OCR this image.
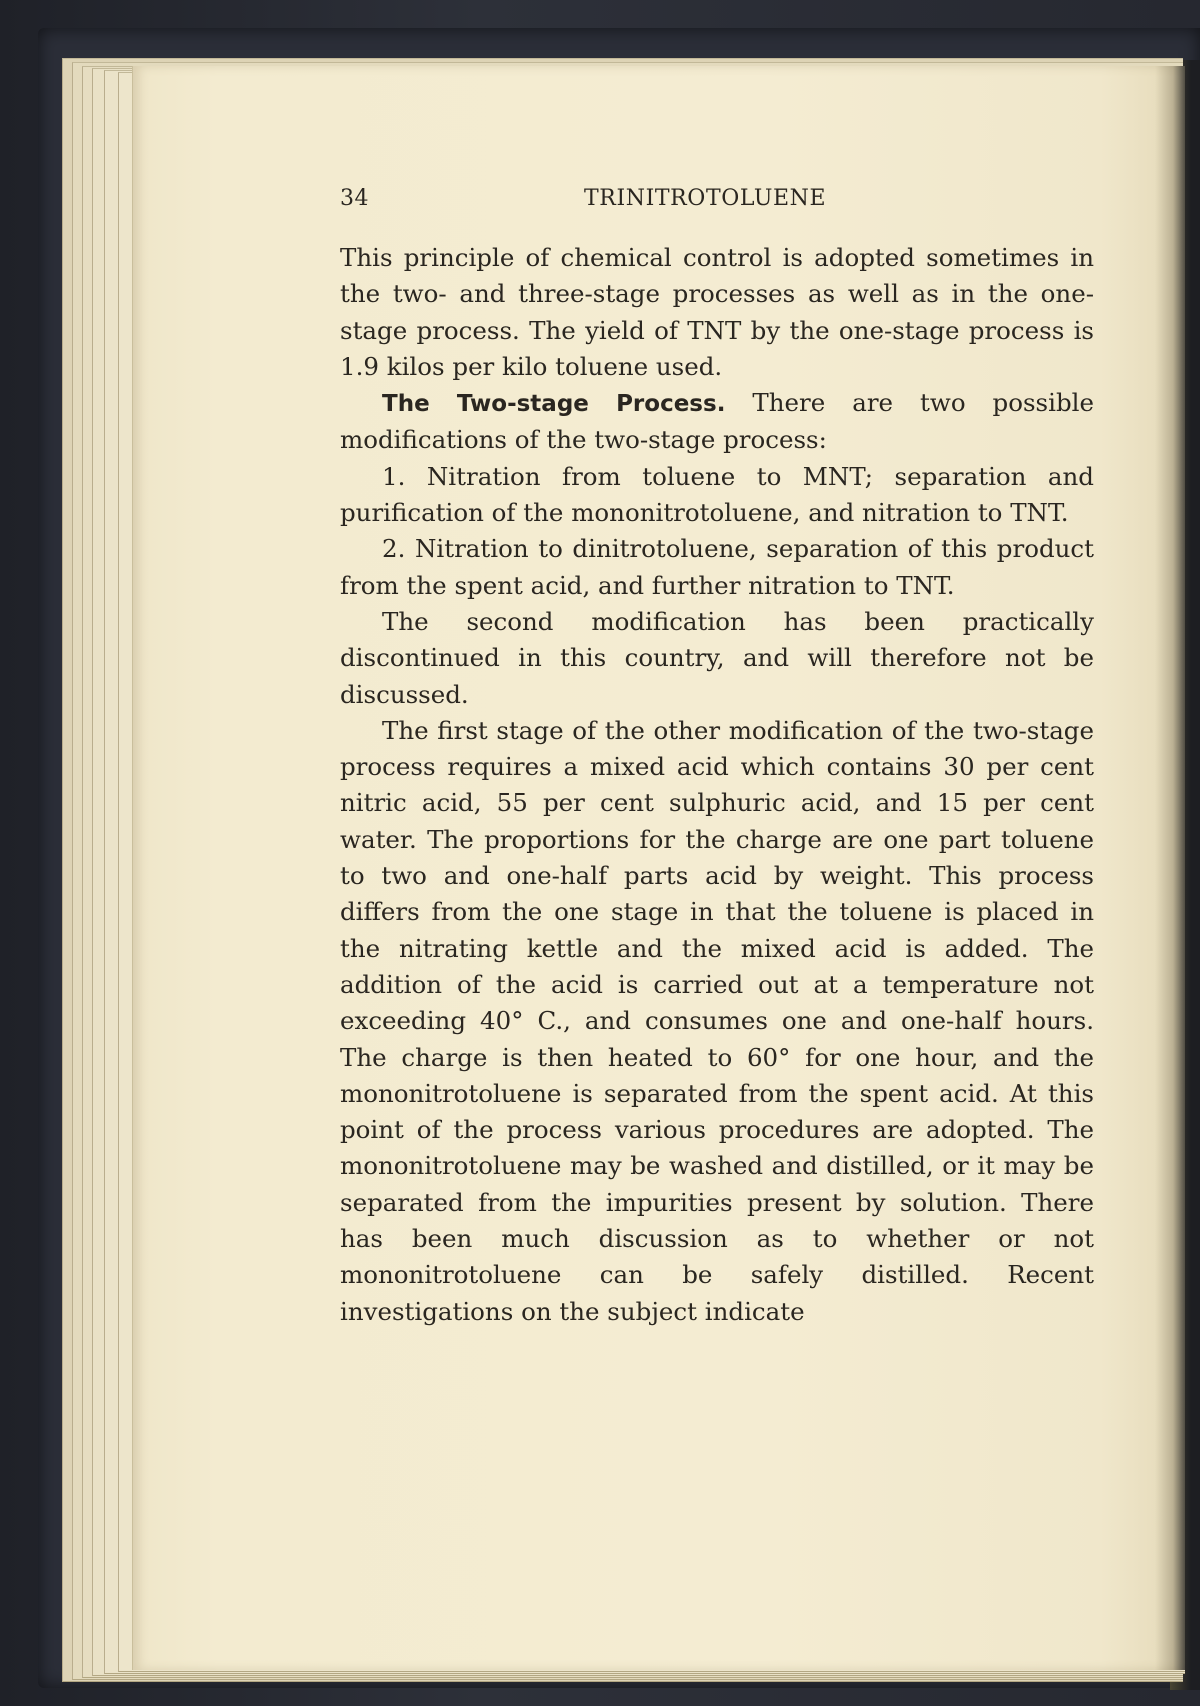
34	TRINITROTOLUENE

This principle of chemical control is adopted sometimes in the two- and three-stage processes as well as in the one-stage process. The yield of TNT by the one-stage process is 1.9 kilos per kilo toluene used.

The Two-stage Process. There are two possible modifications of the two-stage process:

1. Nitration from toluene to MNT; separation and purification of the mononitrotoluene, and nitration to TNT.

2. Nitration to dinitrotoluene, separation of this product from the spent acid, and further nitration to TNT.

The second modification has been practically discontinued in this country, and will therefore not be discussed.

The first stage of the other modification of the two-stage process requires a mixed acid which contains 30 per cent nitric acid, 55 per cent sulphuric acid, and 15 per cent water. The proportions for the charge are one part toluene to two and one-half parts acid by weight. This process differs from the one stage in that the toluene is placed in the nitrating kettle and the mixed acid is added. The addition of the acid is carried out at a temperature not exceeding 40° C., and consumes one and one-half hours. The charge is then heated to 60° for one hour, and the mononitrotoluene is separated from the spent acid. At this point of the process various procedures are adopted. The mononitrotoluene may be washed and distilled, or it may be separated from the impurities present by solution. There has been much discussion as to whether or not mononitrotoluene can be safely distilled. Recent investigations on the subject indicate
